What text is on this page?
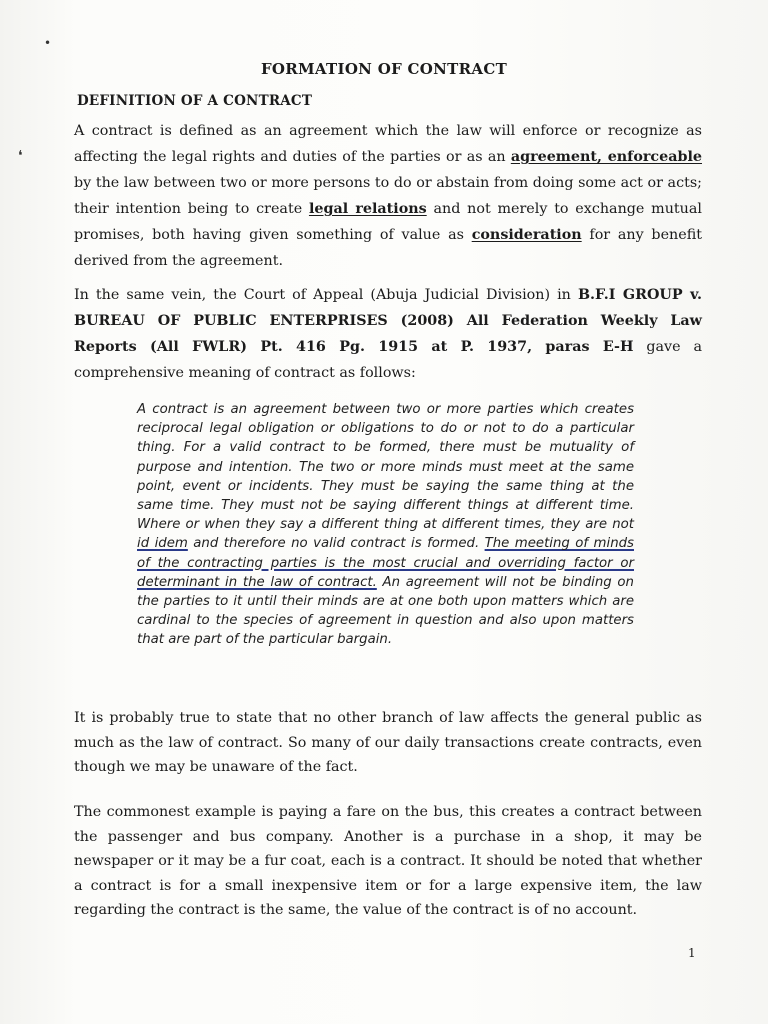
•
❛
FORMATION OF CONTRACT
DEFINITION OF A CONTRACT

A contract is defined as an agreement which the law will enforce or recognize as affecting the legal rights and duties of the parties or as an agreement, enforceable by the law between two or more persons to do or abstain from doing some act or acts; their intention being to create legal relations and not merely to exchange mutual promises, both having given something of value as consideration for any benefit derived from the agreement.

In the same vein, the Court of Appeal (Abuja Judicial Division) in B.F.I GROUP v. BUREAU OF PUBLIC ENTERPRISES (2008) All Federation Weekly Law Reports (All FWLR) Pt. 416 Pg. 1915 at P. 1937, paras E-H gave a comprehensive meaning of contract as follows:

A contract is an agreement between two or more parties which creates reciprocal legal obligation or obligations to do or not to do a particular thing. For a valid contract to be formed, there must be mutuality of purpose and intention. The two or more minds must meet at the same point, event or incidents. They must be saying the same thing at the same time. They must not be saying different things at different time. Where or when they say a different thing at different times, they are not id idem and therefore no valid contract is formed. The meeting of minds of the contracting parties is the most crucial and overriding factor or determinant in the law of contract. An agreement will not be binding on the parties to it until their minds are at one both upon matters which are cardinal to the species of agreement in question and also upon matters that are part of the particular bargain.

It is probably true to state that no other branch of law affects the general public as much as the law of contract. So many of our daily transactions create contracts, even though we may be unaware of the fact.

The commonest example is paying a fare on the bus, this creates a contract between the passenger and bus company. Another is a purchase in a shop, it may be newspaper or it may be a fur coat, each is a contract. It should be noted that whether a contract is for a small inexpensive item or for a large expensive item, the law regarding the contract is the same, the value of the contract is of no account.

1
